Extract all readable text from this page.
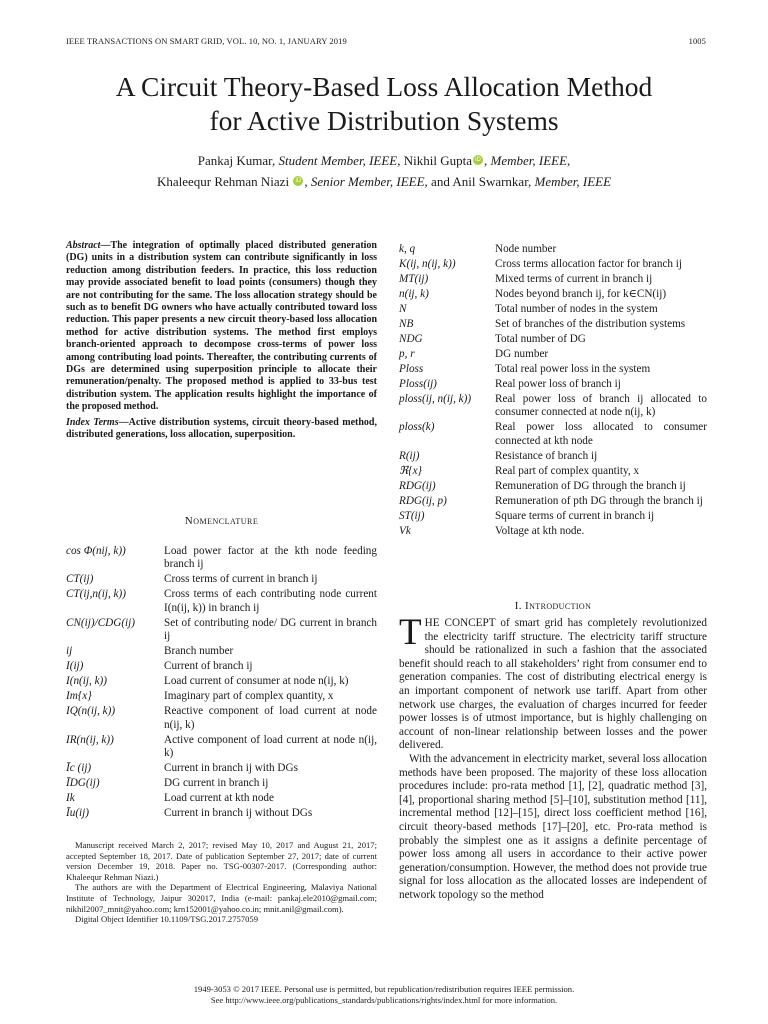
IEEE TRANSACTIONS ON SMART GRID, VOL. 10, NO. 1, JANUARY 2019	1005
A Circuit Theory-Based Loss Allocation Method
for Active Distribution Systems
Pankaj Kumar, Student Member, IEEE, Nikhil Gupta iD , Member, IEEE,
Khaleequr Rehman Niazi iD , Senior Member, IEEE, and Anil Swarnkar, Member, IEEE
Abstract—The integration of optimally placed distributed generation (DG) units in a distribution system can contribute significantly in loss reduction among distribution feeders. In practice, this loss reduction may provide associated benefit to load points (consumers) though they are not contributing for the same. The loss allocation strategy should be such as to benefit DG owners who have actually contributed toward loss reduction. This paper presents a new circuit theory-based loss allocation method for active distribution systems. The method first employs branch-oriented approach to decompose cross-terms of power loss among contributing load points. Thereafter, the contributing currents of DGs are determined using superposition principle to allocate their remuneration/penalty. The proposed method is applied to 33-bus test distribution system. The application results highlight the importance of the proposed method.
Index Terms—Active distribution systems, circuit theory-based method, distributed generations, loss allocation, superposition.
Nomenclature
cos Φ(nij, k))	Load power factor at the kth node feeding branch ij
CT(ij)	Cross terms of current in branch ij
CT(ij,n(ij, k))	Cross terms of each contributing node current I(n(ij, k)) in branch ij
CN(ij)/CDG(ij)	Set of contributing node/ DG current in branch ij
ij	Branch number
I(ij)	Current of branch ij
I(n(ij, k))	Load current of consumer at node n(ij, k)
Im{x}	Imaginary part of complex quantity, x
IQ(n(ij, k))	Reactive component of load current at node n(ij, k)
IR(n(ij, k))	Active component of load current at node n(ij, k)
Īc (ij)	Current in branch ij with DGs
ĪDG(ij)	DG current in branch ij
Ik	Load current at kth node
Īu(ij)	Current in branch ij without DGs

Manuscript received March 2, 2017; revised May 10, 2017 and August 21, 2017; accepted September 18, 2017. Date of publication September 27, 2017; date of current version December 19, 2018. Paper no. TSG-00307-2017. (Corresponding author: Khaleequr Rehman Niazi.)

The authors are with the Department of Electrical Engineering, Malaviya National Institute of Technology, Jaipur 302017, India (e-mail: pankaj.ele2010@gmail.com; nikhil2007_mnit@yahoo.com; krn152001@yahoo.co.in; mnit.anil@gmail.com).

Digital Object Identifier 10.1109/TSG.2017.2757059

k, q	Node number
K(ij, n(ij, k))	Cross terms allocation factor for branch ij
MT(ij)	Mixed terms of current in branch ij
n(ij, k)	Nodes beyond branch ij, for k∈CN(ij)
N	Total number of nodes in the system
NB	Set of branches of the distribution systems
NDG	Total number of DG
p, r	DG number
Ploss	Total real power loss in the system
Ploss(ij)	Real power loss of branch ij
ploss(ij, n(ij, k))	Real power loss of branch ij allocated to consumer connected at node n(ij, k)
ploss(k)	Real power loss allocated to consumer connected at kth node
R(ij)	Resistance of branch ij
ℜ{x}	Real part of complex quantity, x
RDG(ij)	Remuneration of DG through the branch ij
RDG(ij, p)	Remuneration of pth DG through the branch ij
ST(ij)	Square terms of current in branch ij
Vk	Voltage at kth node.
I. Introduction

THE CONCEPT of smart grid has completely revolutionized the electricity tariff structure. The electricity tariff structure should be rationalized in such a fashion that the associated benefit should reach to all stakeholders’ right from consumer end to generation companies. The cost of distributing electrical energy is an important component of network use tariff. Apart from other network use charges, the evaluation of charges incurred for feeder power losses is of utmost importance, but is highly challenging on account of non-linear relationship between losses and the power delivered.

With the advancement in electricity market, several loss allocation methods have been proposed. The majority of these loss allocation procedures include: pro-rata method [1], [2], quadratic method [3], [4], proportional sharing method [5]–[10], substitution method [11], incremental method [12]–[15], direct loss coefficient method [16], circuit theory-based methods [17]–[20], etc. Pro-rata method is probably the simplest one as it assigns a definite percentage of power loss among all users in accordance to their active power generation/consumption. However, the method does not provide true signal for loss allocation as the allocated losses are independent of network topology so the method

1949-3053 © 2017 IEEE. Personal use is permitted, but republication/redistribution requires IEEE permission.
See http://www.ieee.org/publications_standards/publications/rights/index.html for more information.
